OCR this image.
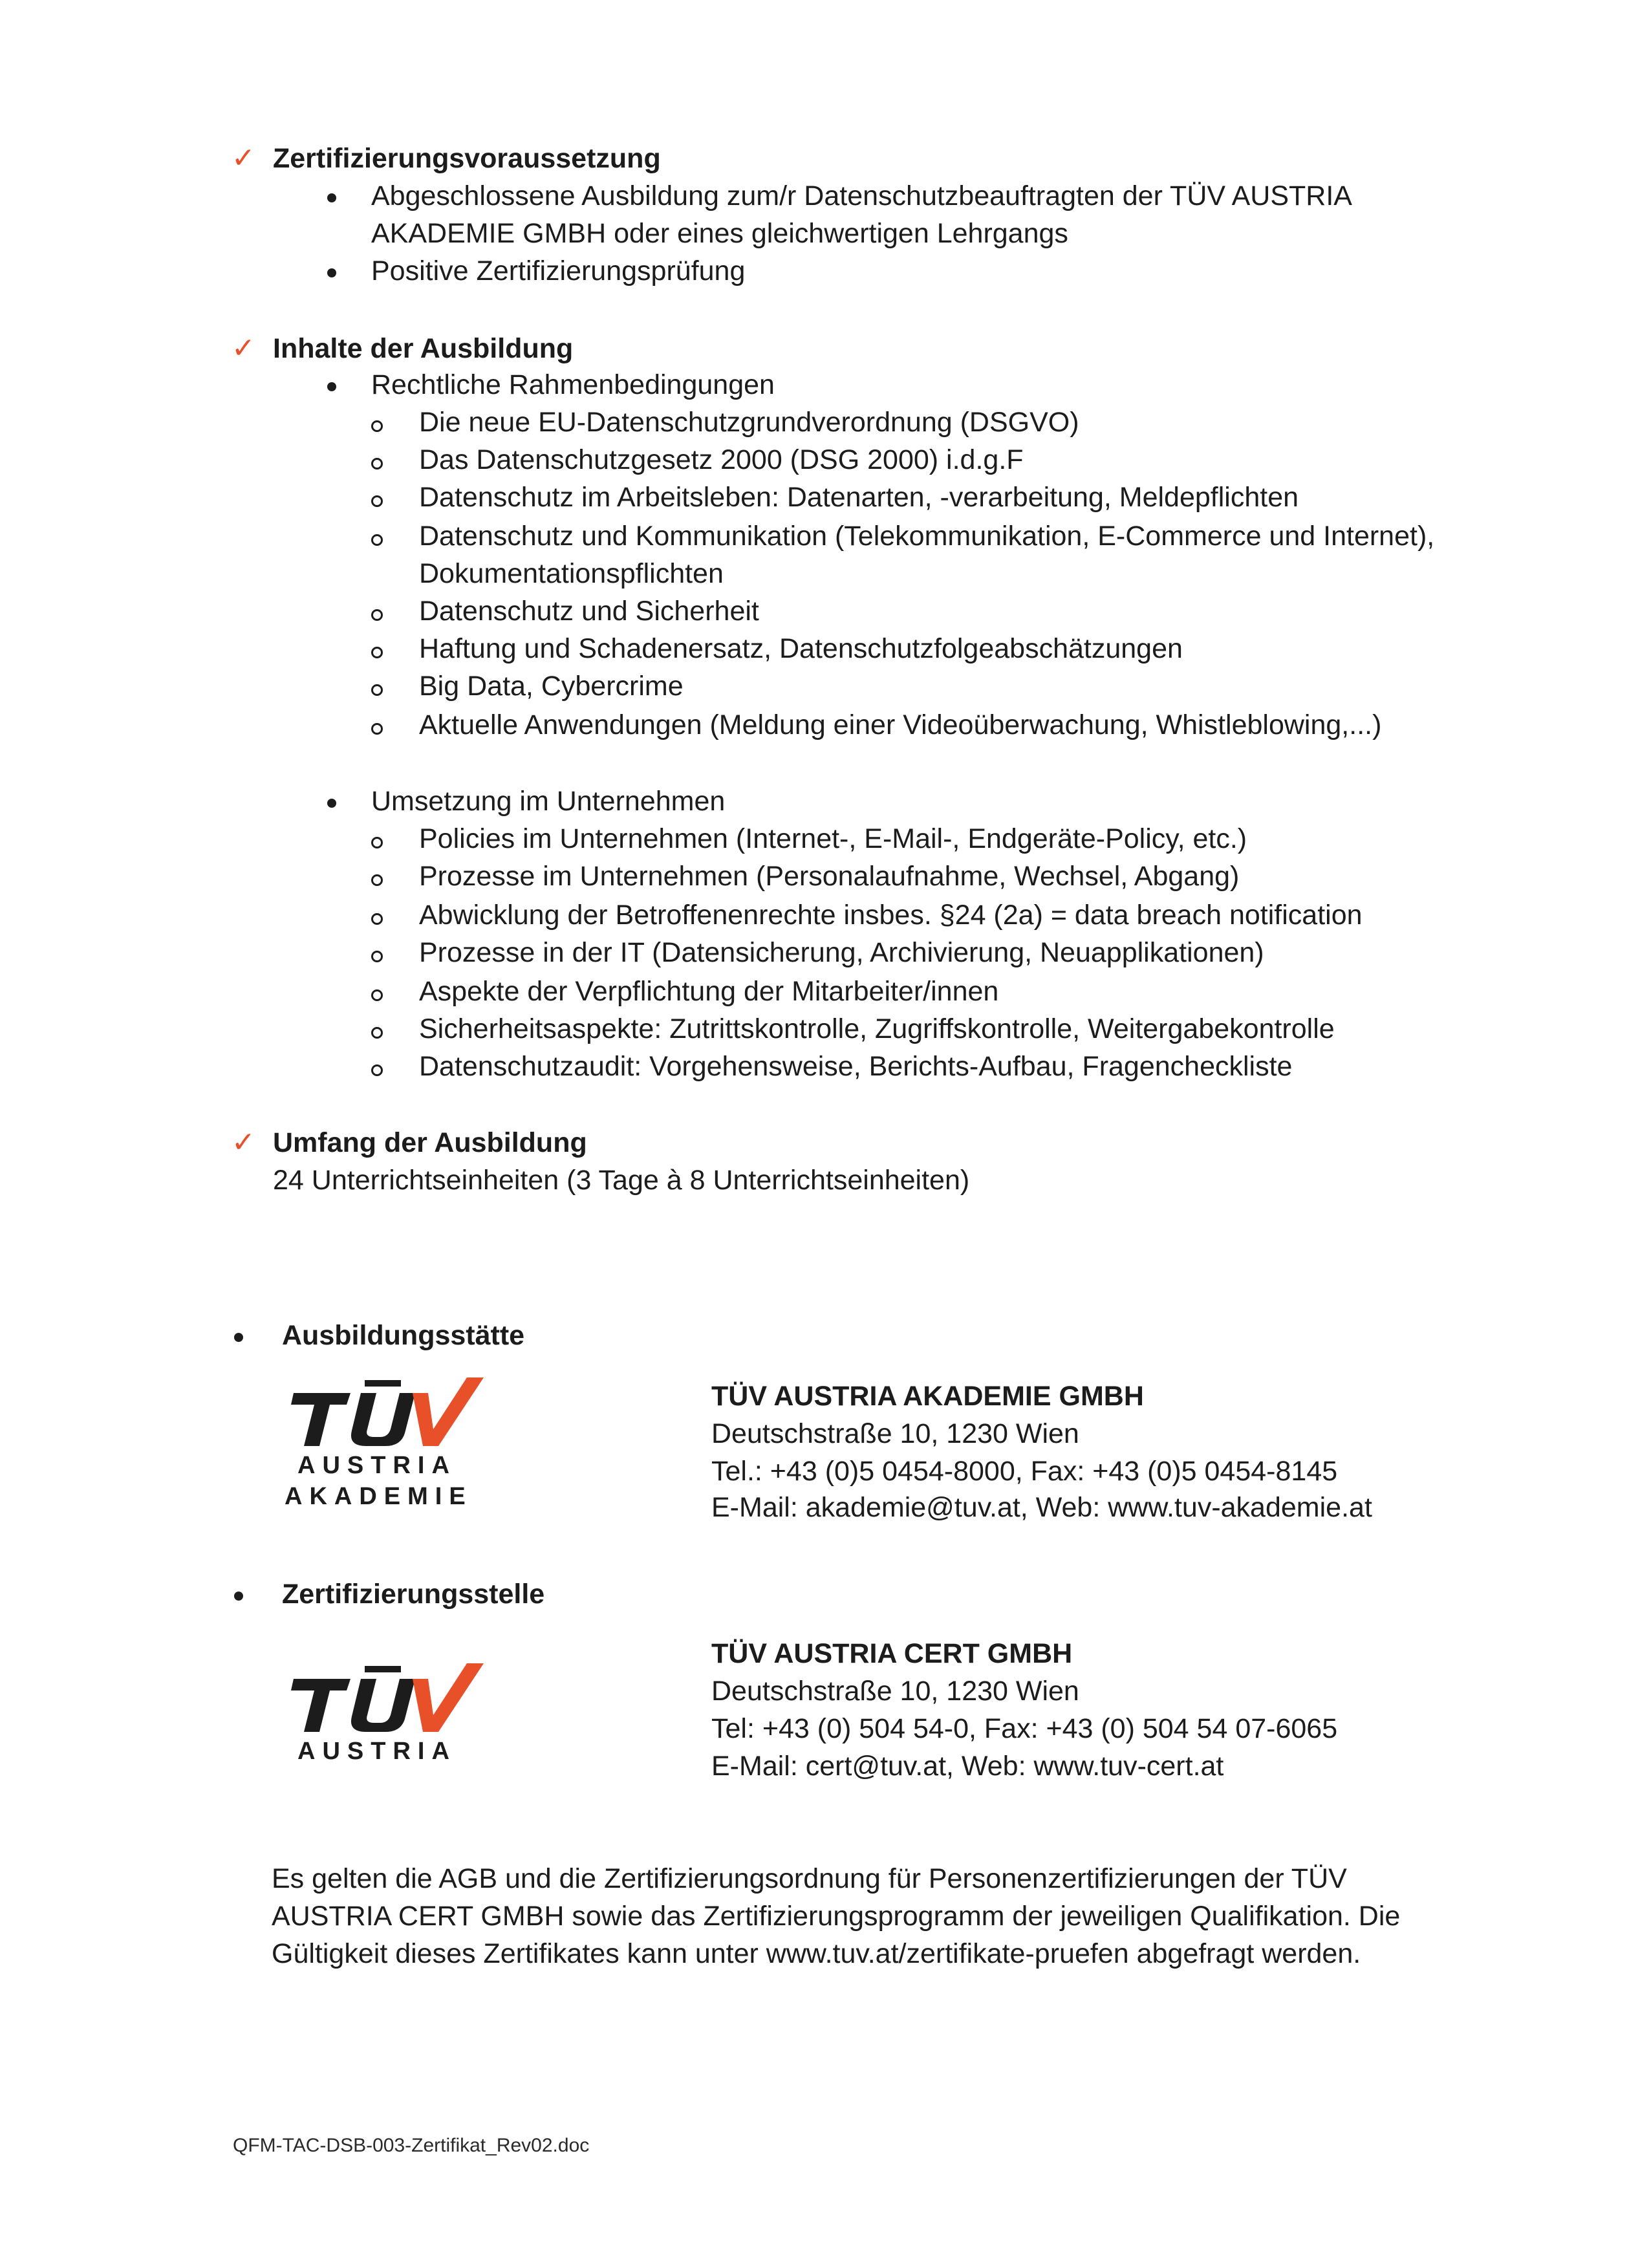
✓ Zertifizierungsvoraussetzung
Abgeschlossene Ausbildung zum/r Datenschutzbeauftragten der TÜV AUSTRIA
AKADEMIE GMBH oder eines gleichwertigen Lehrgangs
Positive Zertifizierungsprüfung
✓ Inhalte der Ausbildung
Rechtliche Rahmenbedingungen
Die neue EU-Datenschutzgrundverordnung (DSGVO)
Das Datenschutzgesetz 2000 (DSG 2000) i.d.g.F
Datenschutz im Arbeitsleben: Datenarten, -verarbeitung, Meldepflichten
Datenschutz und Kommunikation (Telekommunikation, E-Commerce und Internet),
Dokumentationspflichten
Datenschutz und Sicherheit
Haftung und Schadenersatz, Datenschutzfolgeabschätzungen
Big Data, Cybercrime
Aktuelle Anwendungen (Meldung einer Videoüberwachung, Whistleblowing,...)
Umsetzung im Unternehmen
Policies im Unternehmen (Internet-, E-Mail-, Endgeräte-Policy, etc.)
Prozesse im Unternehmen (Personalaufnahme, Wechsel, Abgang)
Abwicklung der Betroffenenrechte insbes. §24 (2a) = data breach notification
Prozesse in der IT (Datensicherung, Archivierung, Neuapplikationen)
Aspekte der Verpflichtung der Mitarbeiter/innen
Sicherheitsaspekte: Zutrittskontrolle, Zugriffskontrolle, Weitergabekontrolle
Datenschutzaudit: Vorgehensweise, Berichts-Aufbau, Fragencheckliste
✓ Umfang der Ausbildung
24 Unterrichtseinheiten (3 Tage à 8 Unterrichtseinheiten)
Ausbildungsstätte
AUSTRIA
AKADEMIE
TÜV AUSTRIA AKADEMIE GMBH
Deutschstraße 10, 1230 Wien
Tel.: +43 (0)5 0454-8000, Fax: +43 (0)5 0454-8145
E-Mail: akademie@tuv.at, Web: www.tuv-akademie.at
Zertifizierungsstelle
AUSTRIA
TÜV AUSTRIA CERT GMBH
Deutschstraße 10, 1230 Wien
Tel: +43 (0) 504 54-0, Fax: +43 (0) 504 54 07-6065
E-Mail: cert@tuv.at, Web: www.tuv-cert.at
Es gelten die AGB und die Zertifizierungsordnung für Personenzertifizierungen der TÜV
AUSTRIA CERT GMBH sowie das Zertifizierungsprogramm der jeweiligen Qualifikation. Die
Gültigkeit dieses Zertifikates kann unter www.tuv.at/zertifikate-pruefen abgefragt werden.
QFM-TAC-DSB-003-Zertifikat_Rev02.doc
